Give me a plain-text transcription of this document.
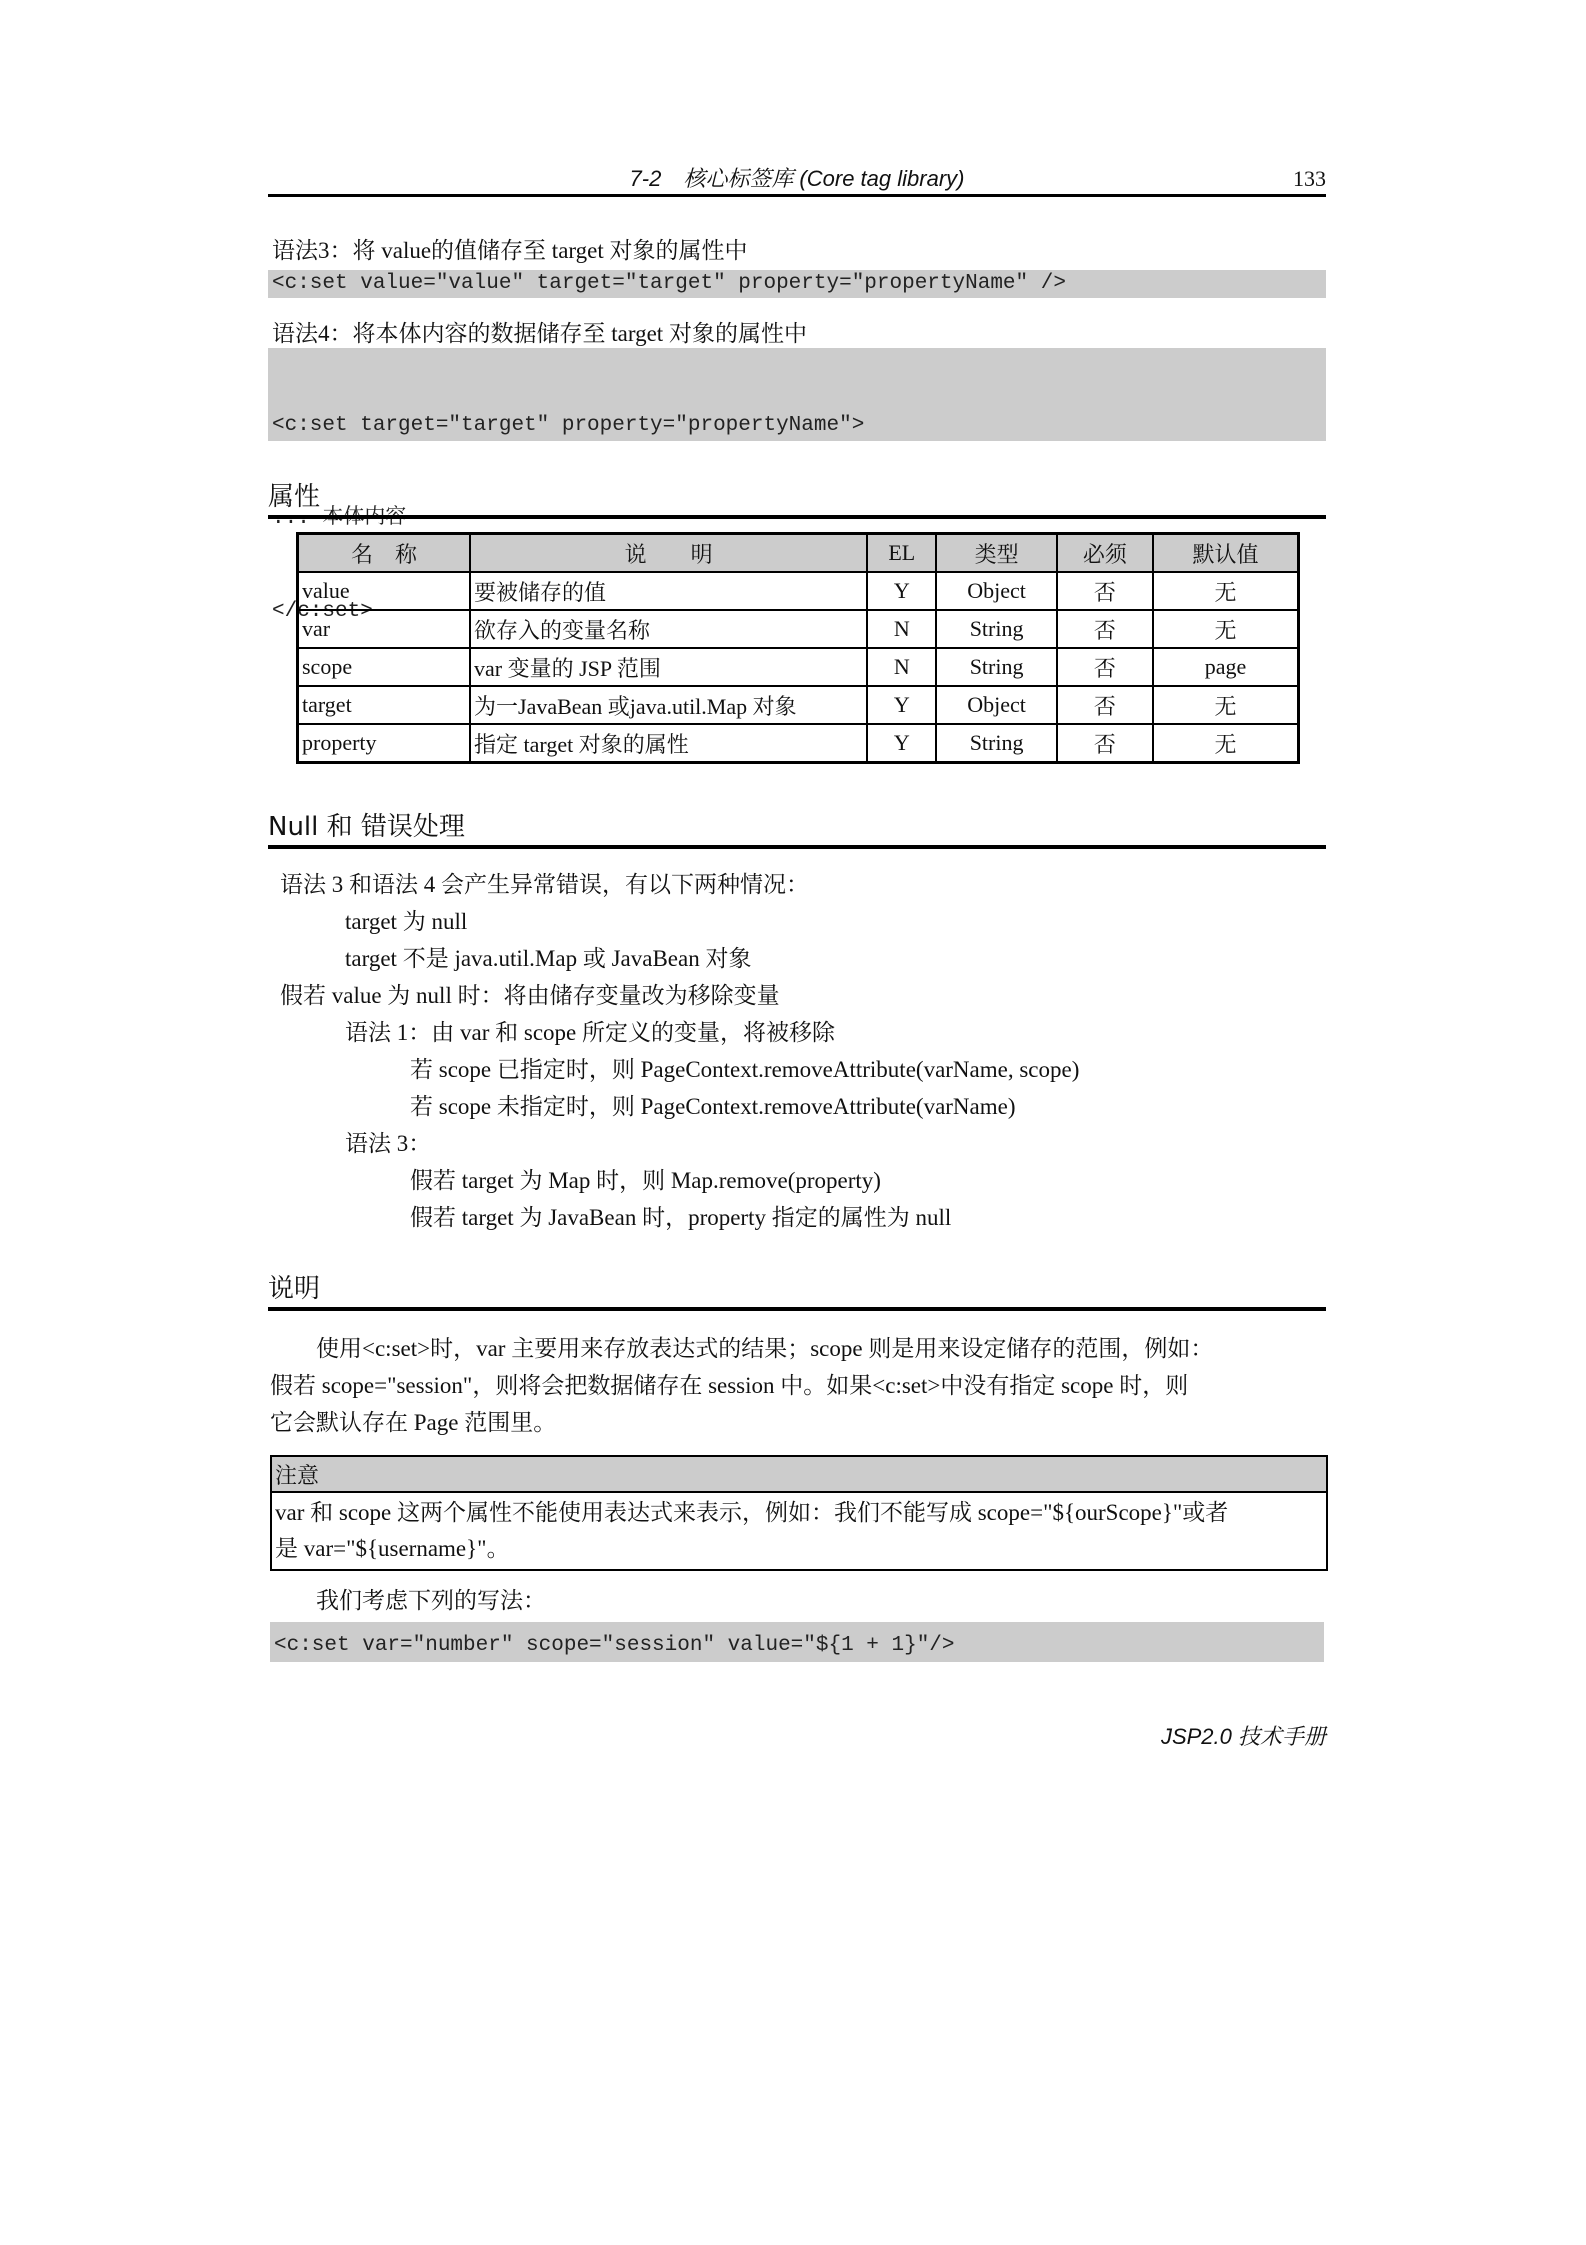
7-2　核心标签库 (Core tag library)	133
语法3：将 value的值储存至 target 对象的属性中
<c:set value="value" target="target" property="propertyName" />
语法4：将本体内容的数据储存至 target 对象的属性中

<c:set target="target" property="propertyName">

... 本体内容

</c:set>

属性
名　称	说　　明	EL	类型	必须	默认值
value	要被储存的值	Y	Object	否	无
var	欲存入的变量名称	N	String	否	无
scope	var 变量的 JSP 范围	N	String	否	page
target	为一JavaBean 或java.util.Map 对象	Y	Object	否	无
property	指定 target 对象的属性	Y	String	否	无
Null 和 错误处理
语法 3 和语法 4 会产生异常错误，有以下两种情况：
target 为 null
target 不是 java.util.Map 或 JavaBean 对象
假若 value 为 null 时：将由储存变量改为移除变量
语法 1：由 var 和 scope 所定义的变量，将被移除
若 scope 已指定时，则 PageContext.removeAttribute(varName, scope)
若 scope 未指定时，则 PageContext.removeAttribute(varName)
语法 3：
假若 target 为 Map 时，则 Map.remove(property)
假若 target 为 JavaBean 时，property 指定的属性为 null
说明
　　使用<c:set>时，var 主要用来存放表达式的结果；scope 则是用来设定储存的范围，例如：
假若 scope="session"，则将会把数据储存在 session 中。如果<c:set>中没有指定 scope 时，则
它会默认存在 Page 范围里。
注意
var 和 scope 这两个属性不能使用表达式来表示，例如：我们不能写成 scope="${ourScope}"或者
是 var="${username}"。
　　我们考虑下列的写法：
<c:set var="number" scope="session" value="${1 + 1}"/>
JSP2.0 技术手册
